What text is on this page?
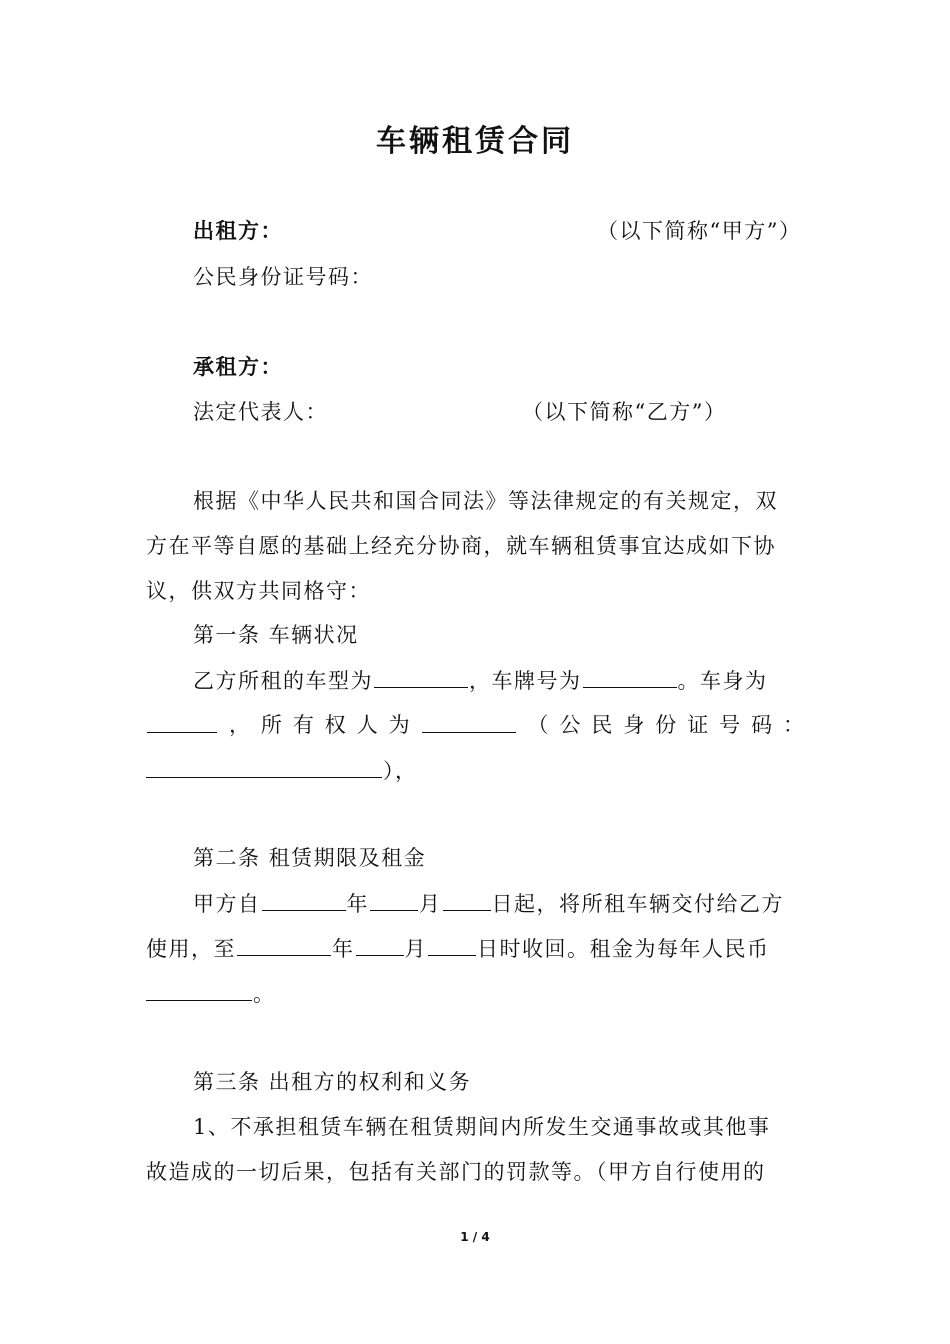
车辆租赁合同
出租方：	（以下简称“甲方”）
公民身份证号码：
承租方：
法定代表人：	（以下简称“乙方”）
根据《中华人民共和国合同法》等法律规定的有关规定，双
方在平等自愿的基础上经充分协商，就车辆租赁事宜达成如下协
议，供双方共同格守：
第一条 车辆状况
乙方所租的车型为	，车牌号为	。车身为
， 所 有 权 人 为	（ 公 民 身 份 证 号 码 ：
），
第二条 租赁期限及租金
甲方自	年 月 日起，将所租车辆交付给乙方
使用，至	年 月 日时收回。租金为每年人民币
。
第三条 出租方的权利和义务
1、不承担租赁车辆在租赁期间内所发生交通事故或其他事
故造成的一切后果，包括有关部门的罚款等。（甲方自行使用的
1 / 4
